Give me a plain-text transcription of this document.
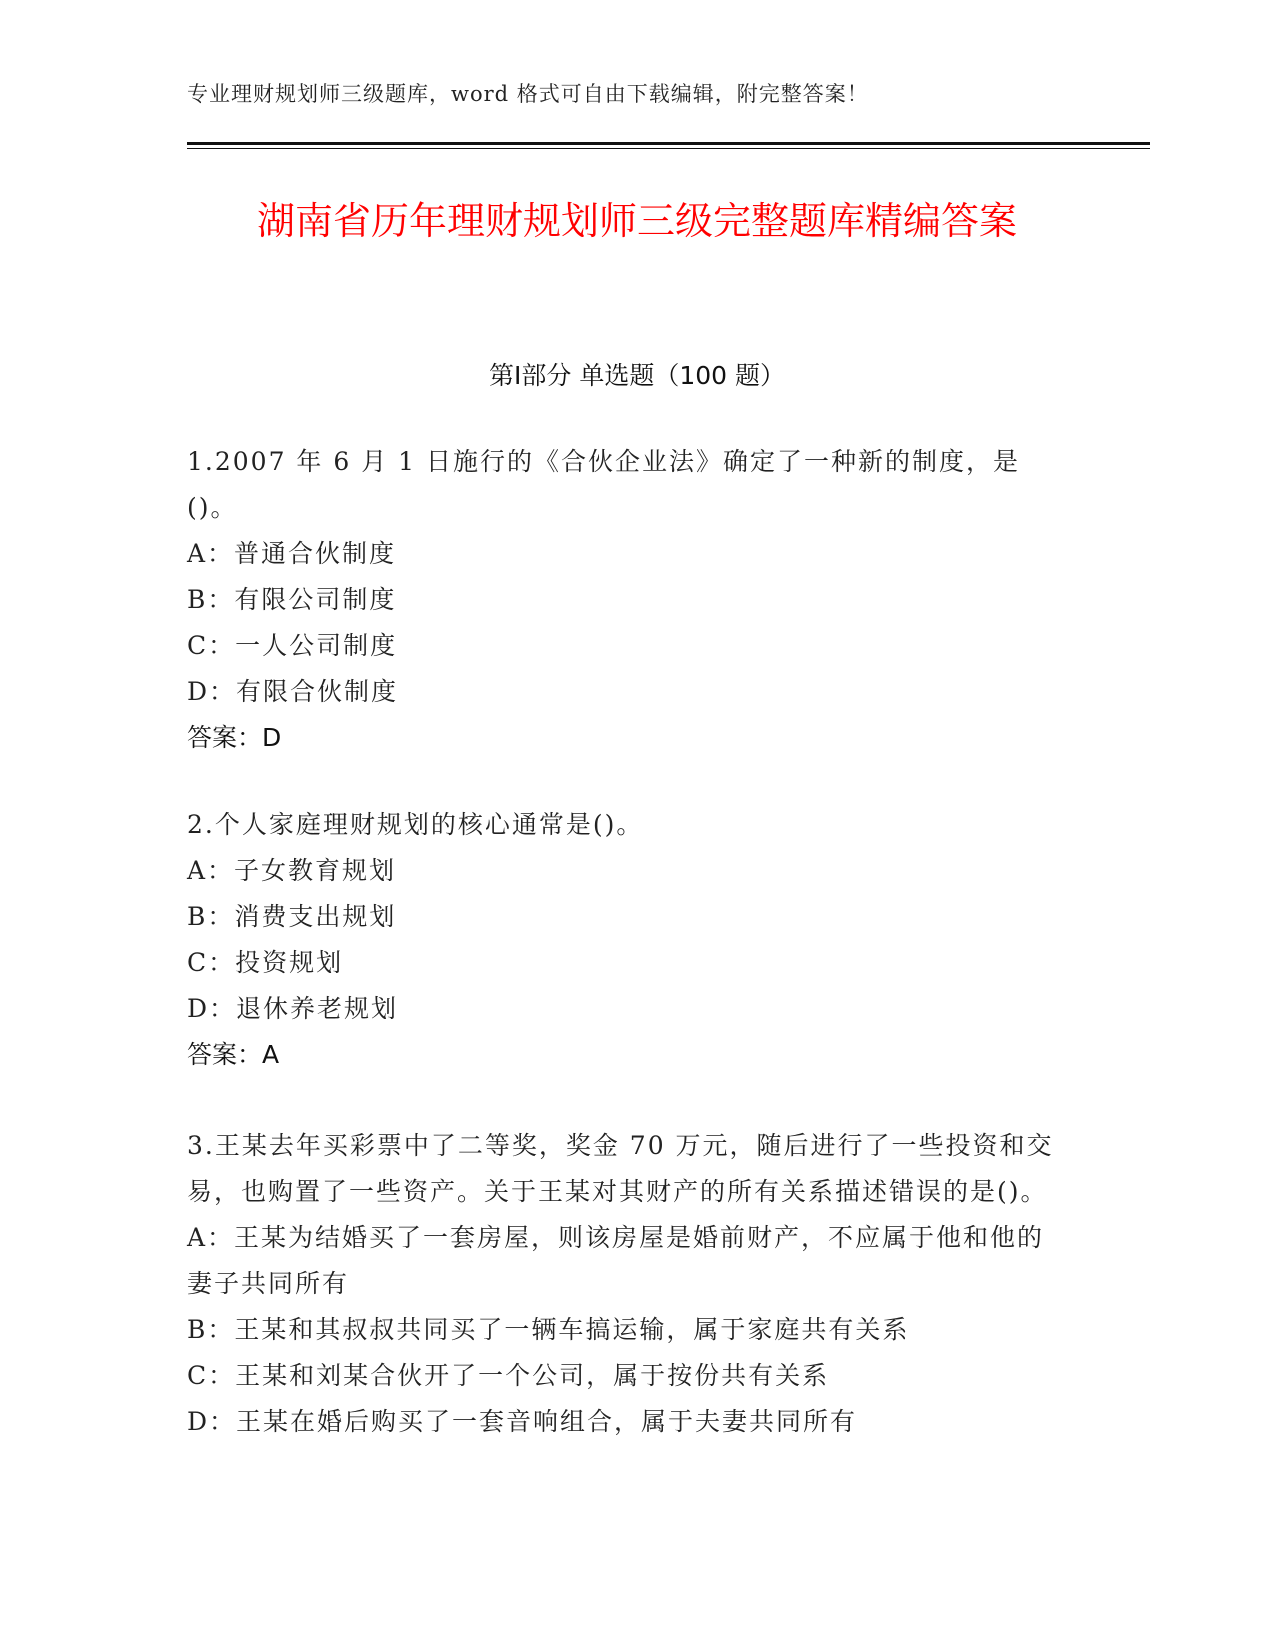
专业理财规划师三级题库，word 格式可自由下载编辑，附完整答案！
湖南省历年理财规划师三级完整题库精编答案
第Ⅰ部分 单选题（100 题）

1.2007 年 6 月 1 日施行的《合伙企业法》确定了一种新的制度，是()。

A：普通合伙制度

B：有限公司制度

C：一人公司制度

D：有限合伙制度

答案：D

2.个人家庭理财规划的核心通常是()。

A：子女教育规划

B：消费支出规划

C：投资规划

D：退休养老规划

答案：A

3.王某去年买彩票中了二等奖，奖金 70 万元，随后进行了一些投资和交易，也购置了一些资产。关于王某对其财产的所有关系描述错误的是()。

A：王某为结婚买了一套房屋，则该房屋是婚前财产，不应属于他和他的妻子共同所有

B：王某和其叔叔共同买了一辆车搞运输，属于家庭共有关系

C：王某和刘某合伙开了一个公司，属于按份共有关系

D：王某在婚后购买了一套音响组合，属于夫妻共同所有
